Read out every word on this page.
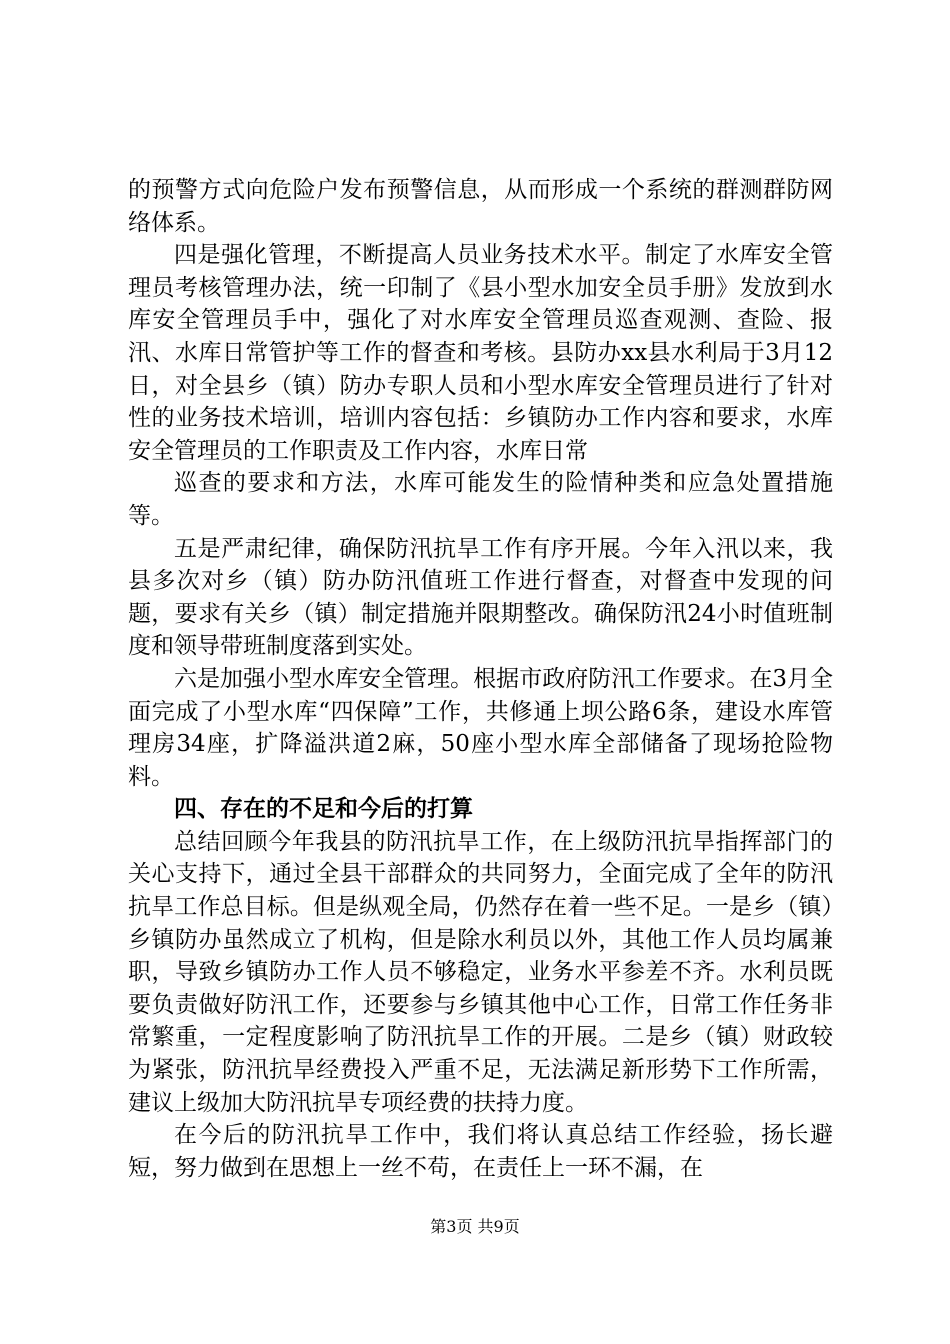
的预警方式向危险户发布预警信息，从而形成一个系统的群测群防网络体系。

四是强化管理，不断提高人员业务技术水平。制定了水库安全管理员考核管理办法，统一印制了《县小型水加安全员手册》发放到水库安全管理员手中，强化了对水库安全管理员巡查观测、查险、报汛、水库日常管护等工作的督查和考核。县防办xx县水利局于3月12日，对全县乡（镇）防办专职人员和小型水库安全管理员进行了针对性的业务技术培训，培训内容包括：乡镇防办工作内容和要求，水库安全管理员的工作职责及工作内容，水库日常

巡查的要求和方法，水库可能发生的险情种类和应急处置措施等。

五是严肃纪律，确保防汛抗旱工作有序开展。今年入汛以来，我县多次对乡（镇）防办防汛值班工作进行督查，对督查中发现的问题，要求有关乡（镇）制定措施并限期整改。确保防汛24小时值班制度和领导带班制度落到实处。

六是加强小型水库安全管理。根据市政府防汛工作要求。在3月全面完成了小型水库“四保障”工作，共修通上坝公路6条，建设水库管理房34座，扩降溢洪道2麻，50座小型水库全部储备了现场抢险物料。

四、存在的不足和今后的打算

总结回顾今年我县的防汛抗旱工作，在上级防汛抗旱指挥部门的关心支持下，通过全县干部群众的共同努力，全面完成了全年的防汛抗旱工作总目标。但是纵观全局，仍然存在着一些不足。一是乡（镇）乡镇防办虽然成立了机构，但是除水利员以外，其他工作人员均属兼职，导致乡镇防办工作人员不够稳定，业务水平参差不齐。水利员既要负责做好防汛工作，还要参与乡镇其他中心工作，日常工作任务非常繁重，一定程度影响了防汛抗旱工作的开展。二是乡（镇）财政较为紧张，防汛抗旱经费投入严重不足，无法满足新形势下工作所需，建议上级加大防汛抗旱专项经费的扶持力度。

在今后的防汛抗旱工作中，我们将认真总结工作经验，扬长避短，努力做到在思想上一丝不苟，在责任上一环不漏，在

第3页 共9页
